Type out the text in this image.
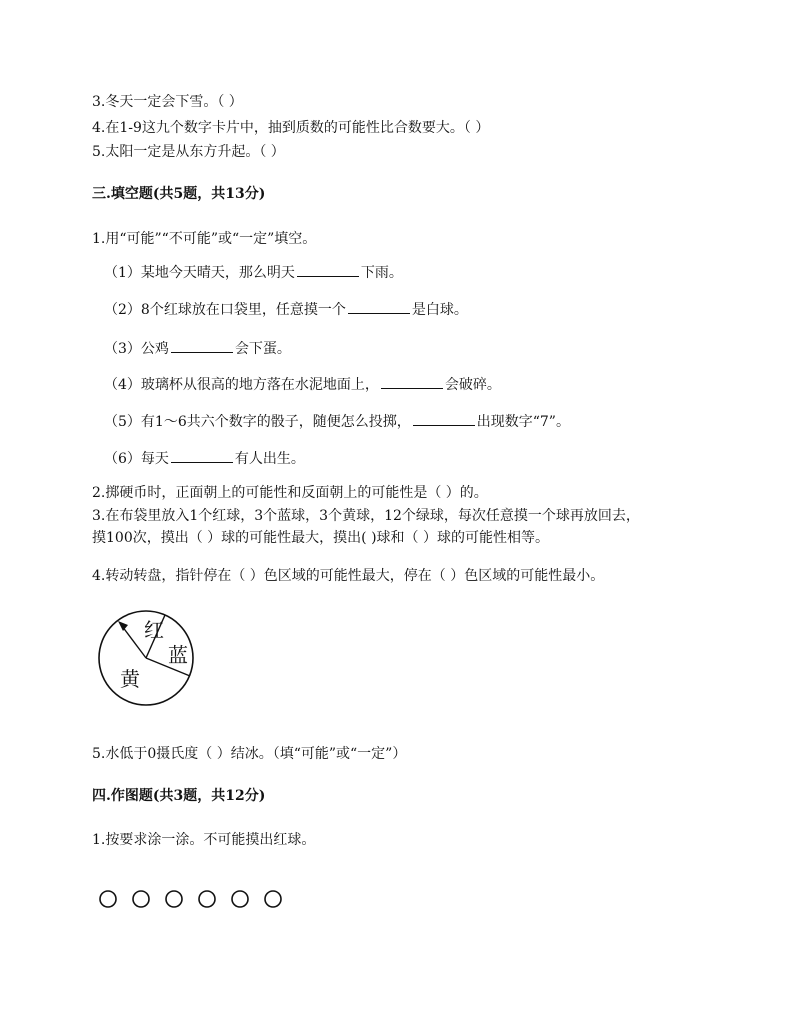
3.冬天一定会下雪。（ ）
4.在1-9这九个数字卡片中，抽到质数的可能性比合数要大。（ ）
5.太阳一定是从东方升起。（ ）
三.填空题(共5题，共13分)
1.用“可能”“不可能”或“一定”填空。
（1）某地今天晴天，那么明天	下雨。
（2）8个红球放在口袋里，任意摸一个	是白球。
（3）公鸡	会下蛋。
（4）玻璃杯从很高的地方落在水泥地面上，	会破碎。
（5）有1～6共六个数字的骰子，随便怎么投掷，	出现数字“7”。
（6）每天	有人出生。
2.掷硬币时，正面朝上的可能性和反面朝上的可能性是（ ）的。
3.在布袋里放入1个红球，3个蓝球，3个黄球，12个绿球，每次任意摸一个球再放回去，
摸100次，摸出（ ）球的可能性最大，摸出( )球和（ ）球的可能性相等。
4.转动转盘，指针停在（ ）色区域的可能性最大，停在（ ）色区域的可能性最小。
红
蓝
黄
5.水低于0摄氏度（ ）结冰。（填“可能”或“一定”）
四.作图题(共3题，共12分)
1.按要求涂一涂。不可能摸出红球。
